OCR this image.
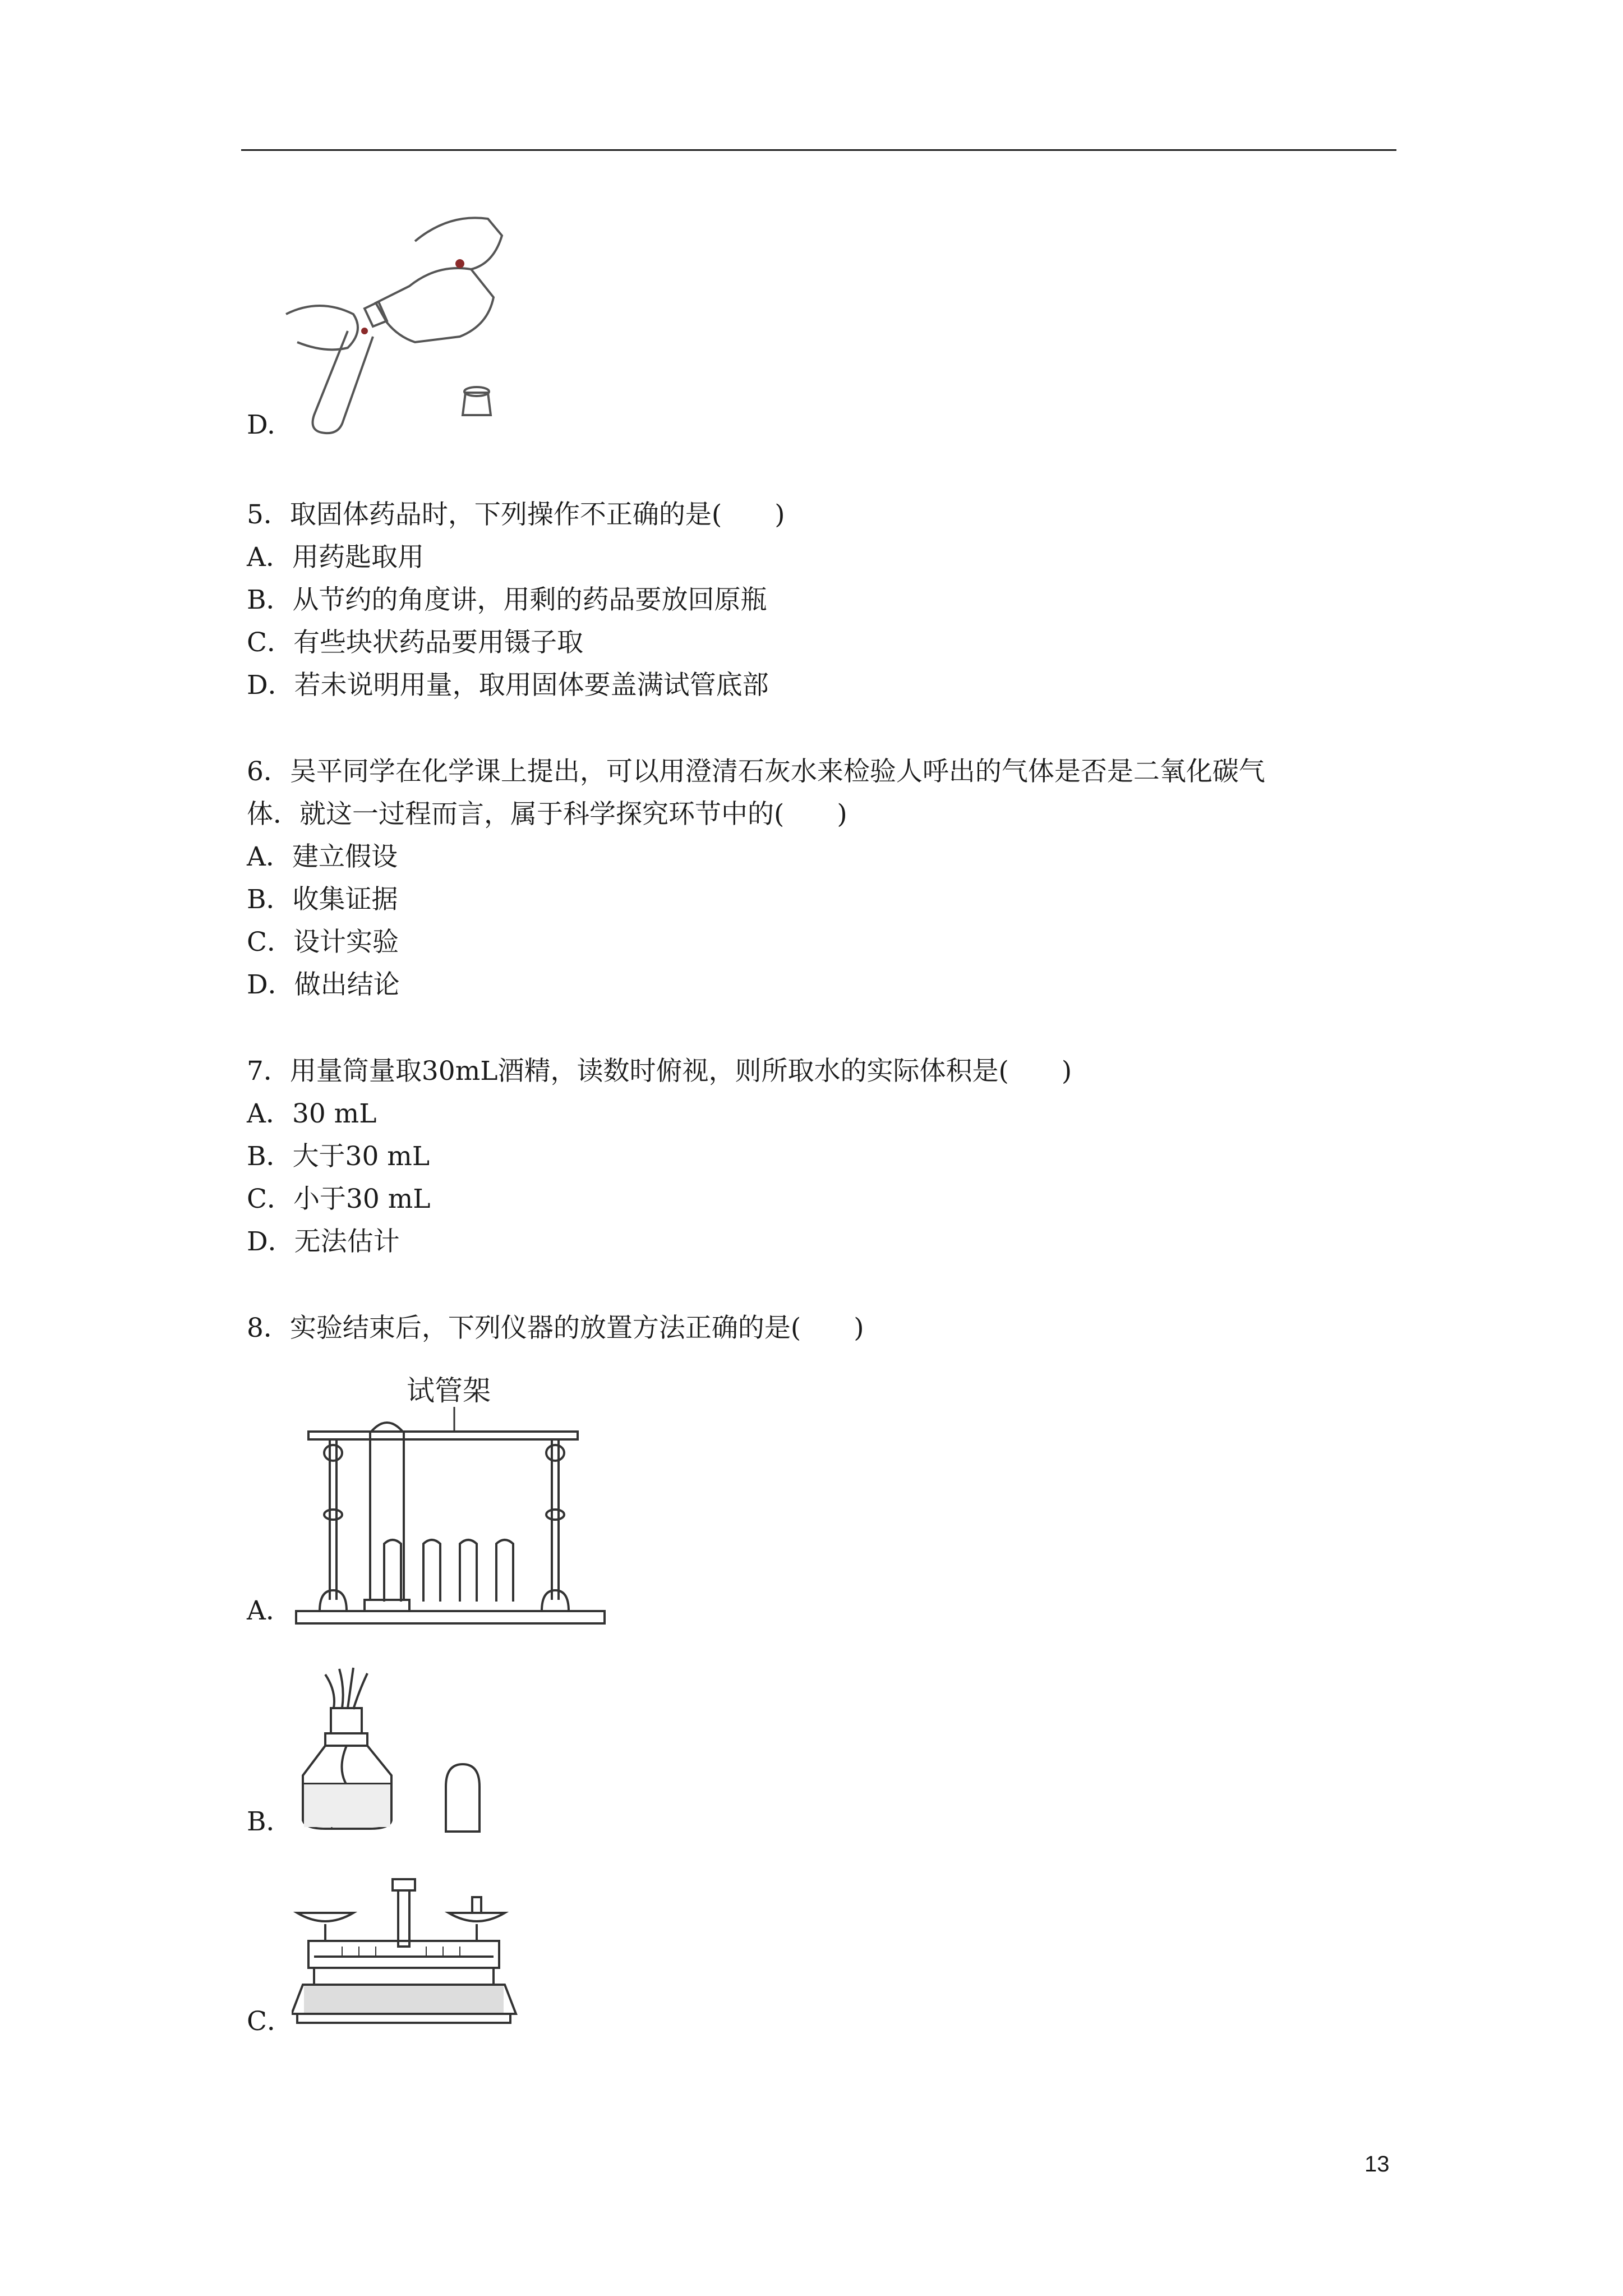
D.
5．取固体药品时，下列操作不正确的是(　　)
A．用药匙取用
B．从节约的角度讲，用剩的药品要放回原瓶
C．有些块状药品要用镊子取
D．若未说明用量，取用固体要盖满试管底部
6．吴平同学在化学课上提出，可以用澄清石灰水来检验人呼出的气体是否是二氧化碳气
体．就这一过程而言，属于科学探究环节中的(　　)
A．建立假设
B．收集证据
C．设计实验
D．做出结论
7．用量筒量取30mL酒精，读数时俯视，则所取水的实际体积是(　　)
A．30 mL
B．大于30 mL
C．小于30 mL
D．无法估计
8．实验结束后，下列仪器的放置方法正确的是(　　)
试管架
A．
B．
C．
13
